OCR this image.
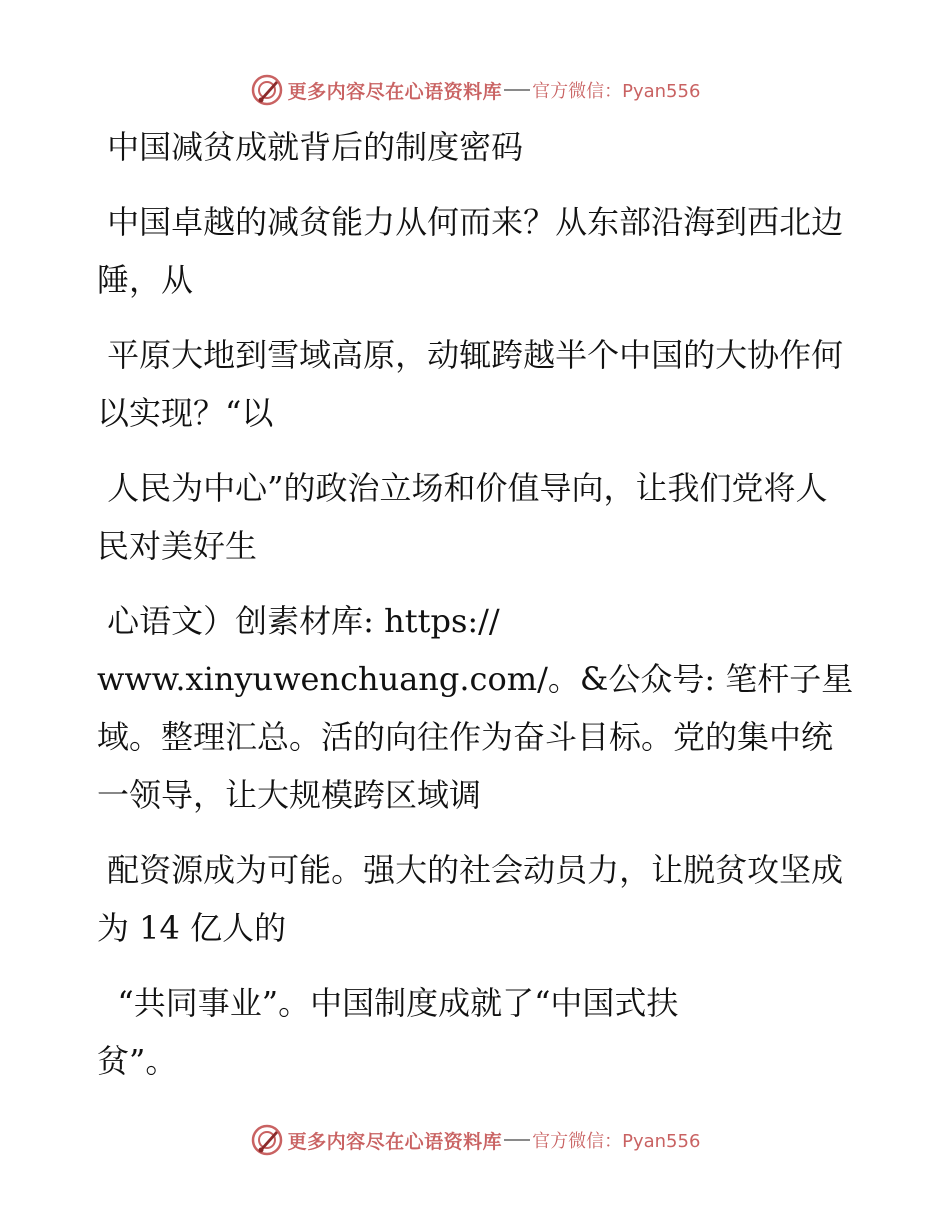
更多内容尽在心语资料库 官方微信：Pyan556

中国减贫成就背后的制度密码

中国卓越的减贫能力从何而来？从东部沿海到西北边陲，从

平原大地到雪域高原，动辄跨越半个中国的大协作何以实现？“以

人民为中心”的政治立场和价值导向，让我们党将人民对美好生

心语文）创素材库: https://
www.xinyuwenchuang.com/。&公众号: 笔杆子星域。整理汇总。活的向往作为奋斗目标。党的集中统一领导，让大规模跨区域调

配资源成为可能。强大的社会动员力，让脱贫攻坚成为 14 亿人的

“共同事业”。中国制度成就了“中国式扶
贫”。

更多内容尽在心语资料库 官方微信：Pyan556
